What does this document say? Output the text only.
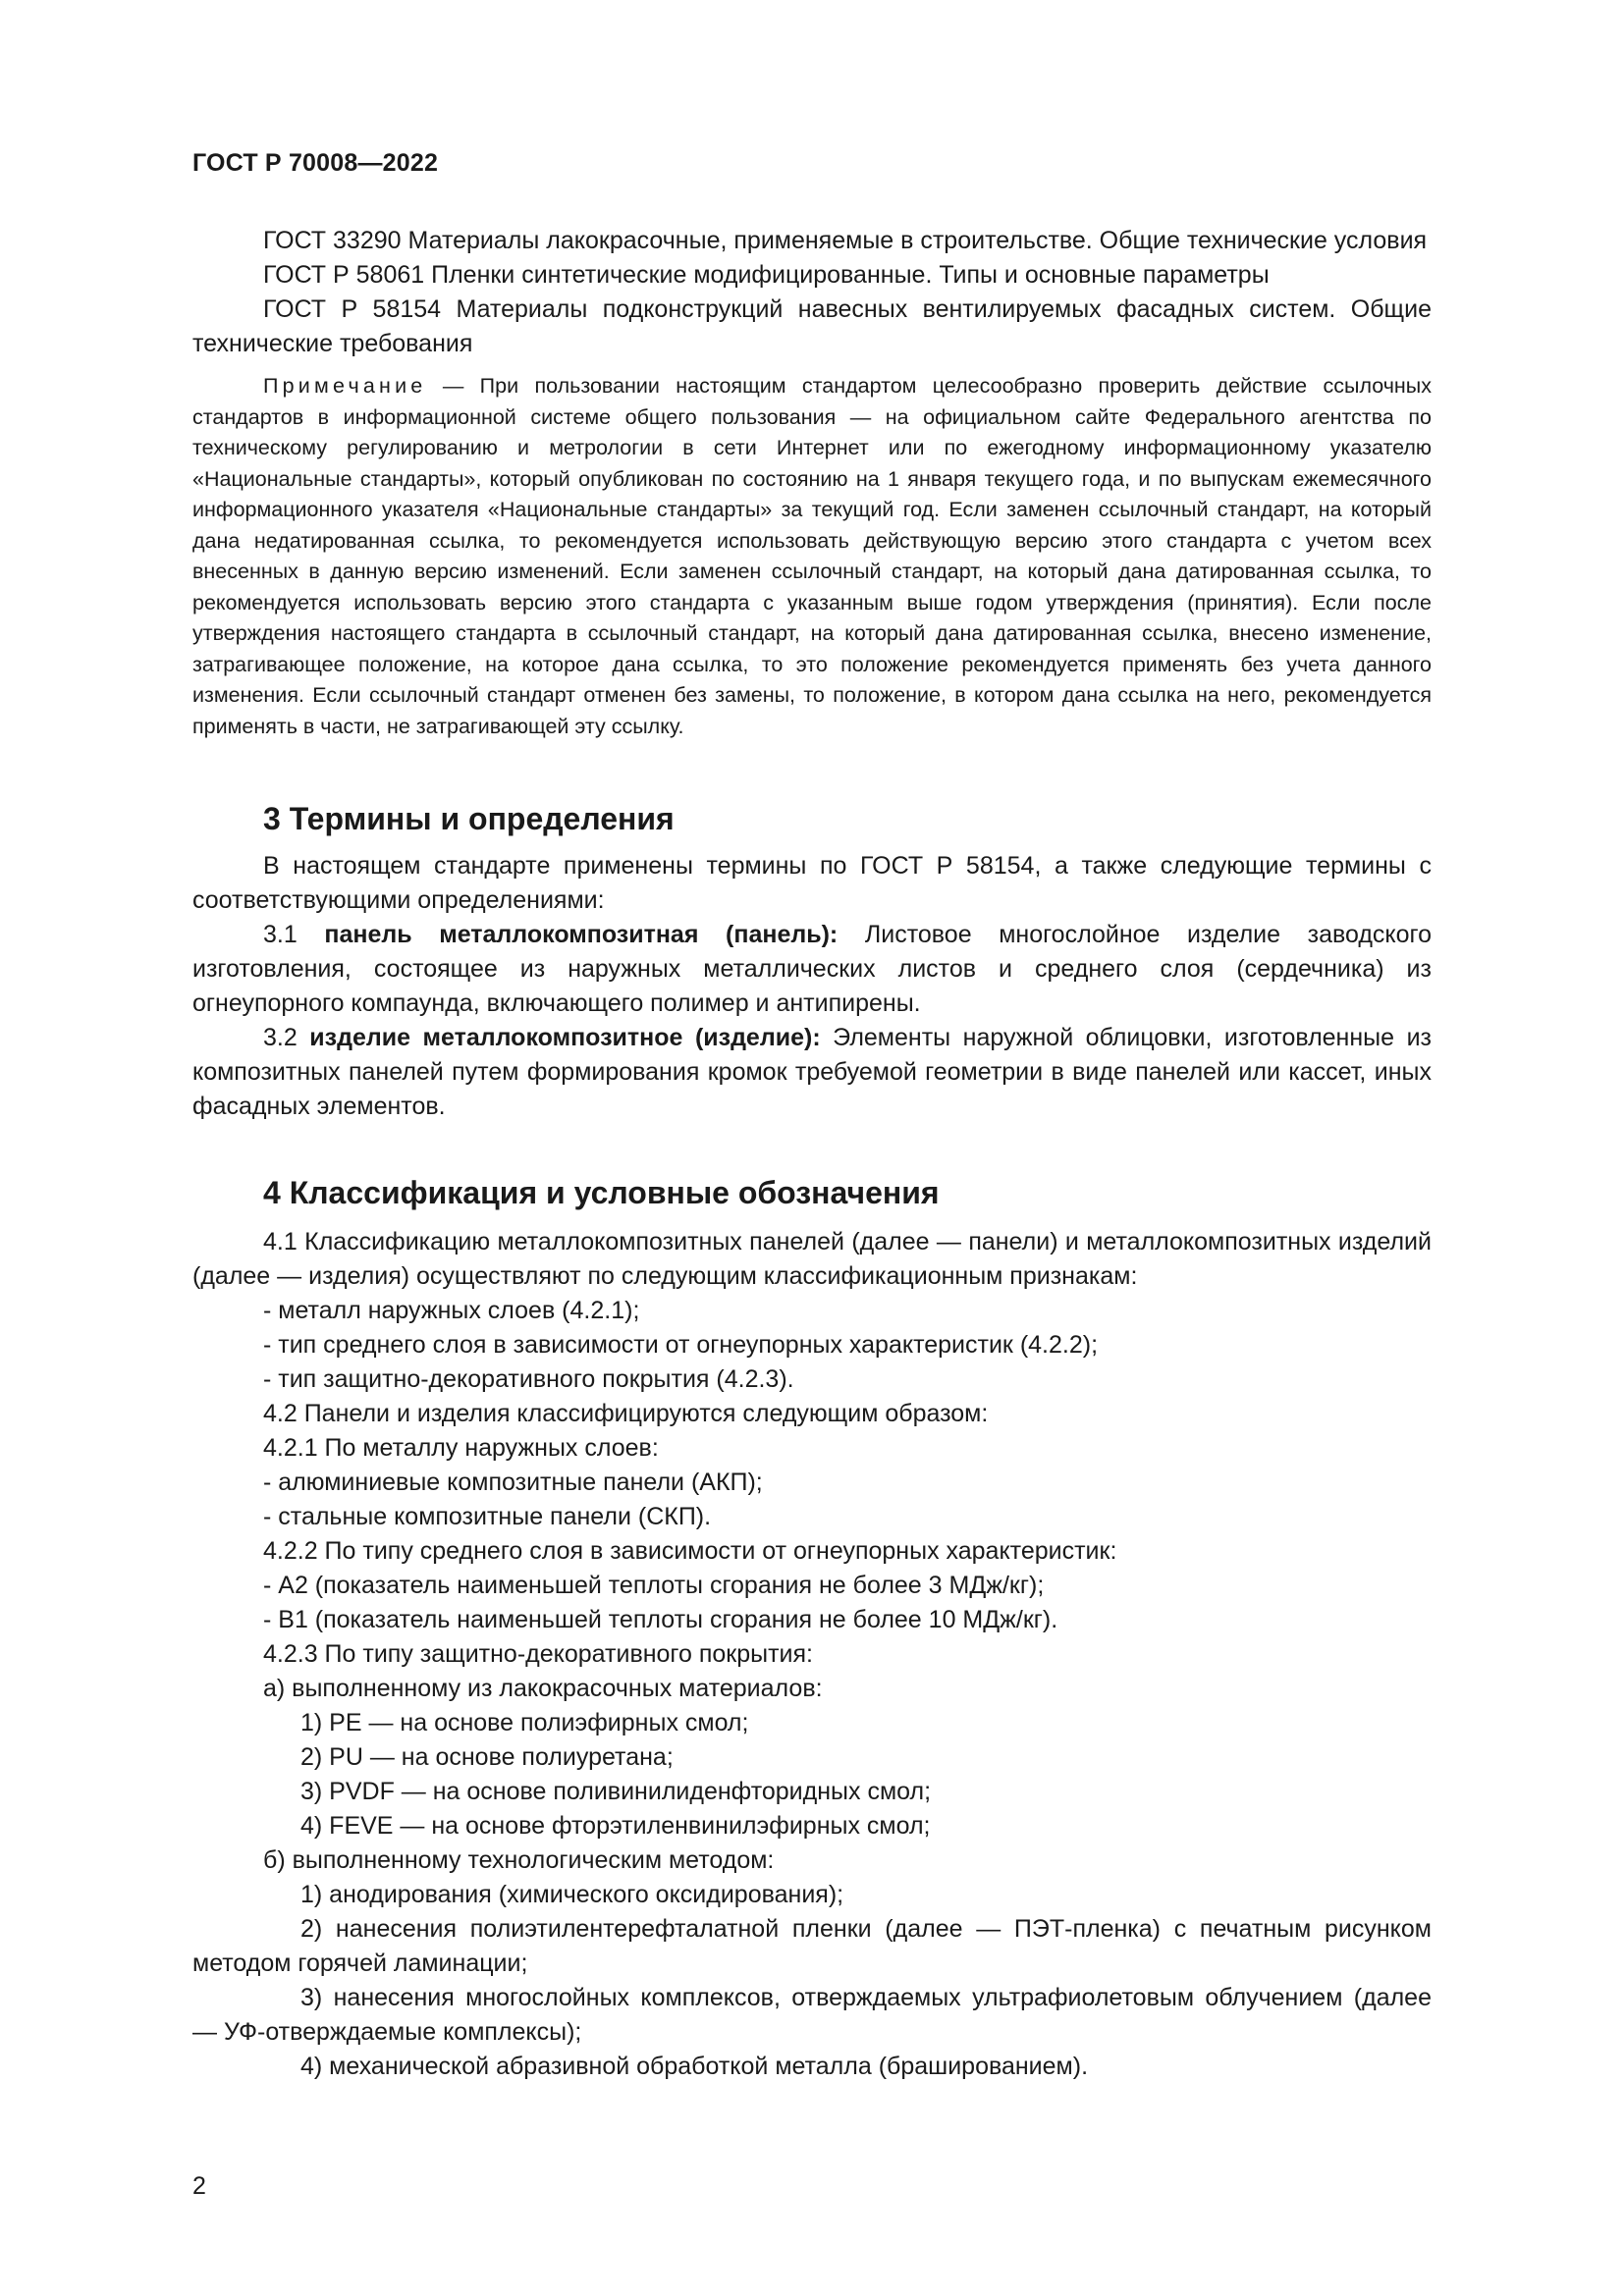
ГОСТ Р 70008—2022

ГОСТ 33290 Материалы лакокрасочные, применяемые в строительстве. Общие технические условия

ГОСТ Р 58061 Пленки синтетические модифицированные. Типы и основные параметры

ГОСТ Р 58154 Материалы подконструкций навесных вентилируемых фасадных систем. Общие технические требования

Примечание — При пользовании настоящим стандартом целесообразно проверить действие ссылочных стандартов в информационной системе общего пользования — на официальном сайте Федерального агентства по техническому регулированию и метрологии в сети Интернет или по ежегодному информационному указателю «Национальные стандарты», который опубликован по состоянию на 1 января текущего года, и по выпускам ежемесячного информационного указателя «Национальные стандарты» за текущий год. Если заменен ссылочный стандарт, на который дана недатированная ссылка, то рекомендуется использовать действующую версию этого стандарта с учетом всех внесенных в данную версию изменений. Если заменен ссылочный стандарт, на который дана датированная ссылка, то рекомендуется использовать версию этого стандарта с указанным выше годом утверждения (принятия). Если после утверждения настоящего стандарта в ссылочный стандарт, на который дана датированная ссылка, внесено изменение, затрагивающее положение, на которое дана ссылка, то это положение рекомендуется применять без учета данного изменения. Если ссылочный стандарт отменен без замены, то положение, в котором дана ссылка на него, рекомендуется применять в части, не затрагивающей эту ссылку.

3 Термины и определения

В настоящем стандарте применены термины по ГОСТ Р 58154, а также следующие термины с соответствующими определениями:

3.1 панель металлокомпозитная (панель): Листовое многослойное изделие заводского изготовления, состоящее из наружных металлических листов и среднего слоя (сердечника) из огнеупорного компаунда, включающего полимер и антипирены.

3.2 изделие металлокомпозитное (изделие): Элементы наружной облицовки, изготовленные из композитных панелей путем формирования кромок требуемой геометрии в виде панелей или кассет, иных фасадных элементов.

4 Классификация и условные обозначения

4.1 Классификацию металлокомпозитных панелей (далее — панели) и металлокомпозитных изделий (далее — изделия) осуществляют по следующим классификационным признакам:

- металл наружных слоев (4.2.1);

- тип среднего слоя в зависимости от огнеупорных характеристик (4.2.2);

- тип защитно-декоративного покрытия (4.2.3).

4.2 Панели и изделия классифицируются следующим образом:

4.2.1 По металлу наружных слоев:

- алюминиевые композитные панели (АКП);

- стальные композитные панели (СКП).

4.2.2 По типу среднего слоя в зависимости от огнеупорных характеристик:

- А2 (показатель наименьшей теплоты сгорания не более 3 МДж/кг);

- В1 (показатель наименьшей теплоты сгорания не более 10 МДж/кг).

4.2.3 По типу защитно-декоративного покрытия:

а) выполненному из лакокрасочных материалов:

1) PE — на основе полиэфирных смол;

2) PU — на основе полиуретана;

3) PVDF — на основе поливинилиденфторидных смол;

4) FEVE — на основе фторэтиленвинилэфирных смол;

б) выполненному технологическим методом:

1) анодирования (химического оксидирования);

2) нанесения полиэтилентерефталатной пленки (далее — ПЭТ-пленка) с печатным рисунком методом горячей ламинации;

3) нанесения многослойных комплексов, отверждаемых ультрафиолетовым облучением (далее — УФ-отверждаемые комплексы);

4) механической абразивной обработкой металла (брашированием).

2
